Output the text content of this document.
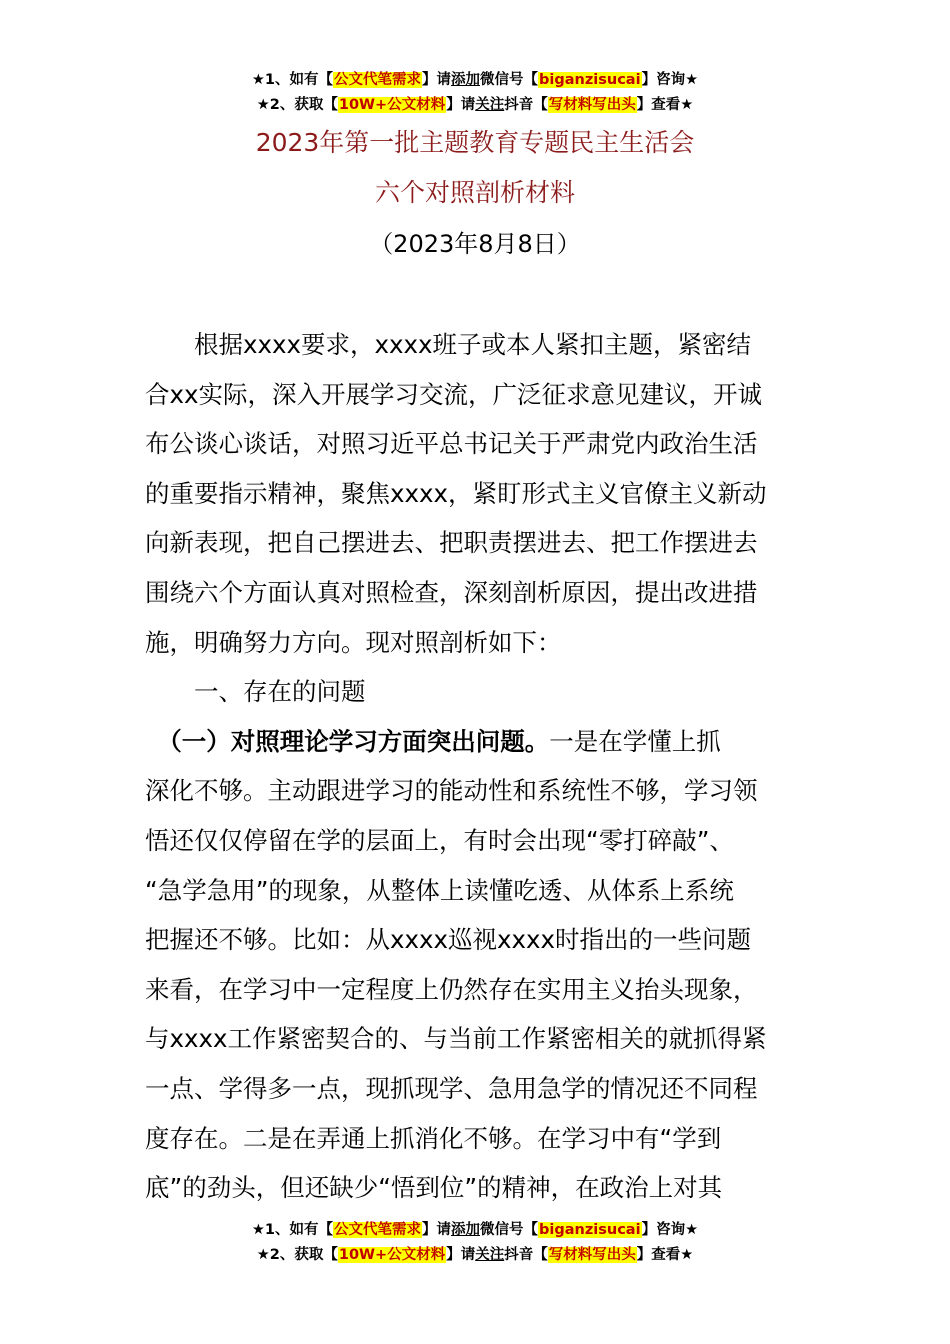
★1、如有【公文代笔需求】请添加微信号【biganzisucai】咨询★
★2、获取【10W+公文材料】请关注抖音【写材料写出头】查看★
2023年第一批主题教育专题民主生活会
六个对照剖析材料
（2023年8月8日）
　　根据xxxx要求，xxxx班子或本人紧扣主题，紧密结
合xx实际，深入开展学习交流，广泛征求意见建议，开诚
布公谈心谈话，对照习近平总书记关于严肃党内政治生活
的重要指示精神，聚焦xxxx，紧盯形式主义官僚主义新动
向新表现，把自己摆进去、把职责摆进去、把工作摆进去
围绕六个方面认真对照检查，深刻剖析原因，提出改进措
施，明确努力方向。现对照剖析如下：
　　一、存在的问题
　（一）对照理论学习方面突出问题。一是在学懂上抓
深化不够。主动跟进学习的能动性和系统性不够，学习领
悟还仅仅停留在学的层面上，有时会出现“零打碎敲”、
“急学急用”的现象，从整体上读懂吃透、从体系上系统
把握还不够。比如：从xxxx巡视xxxx时指出的一些问题
来看，在学习中一定程度上仍然存在实用主义抬头现象，
与xxxx工作紧密契合的、与当前工作紧密相关的就抓得紧
一点、学得多一点，现抓现学、急用急学的情况还不同程
度存在。二是在弄通上抓消化不够。在学习中有“学到
底”的劲头，但还缺少“悟到位”的精神，在政治上对其
★1、如有【公文代笔需求】请添加微信号【biganzisucai】咨询★
★2、获取【10W+公文材料】请关注抖音【写材料写出头】查看★
